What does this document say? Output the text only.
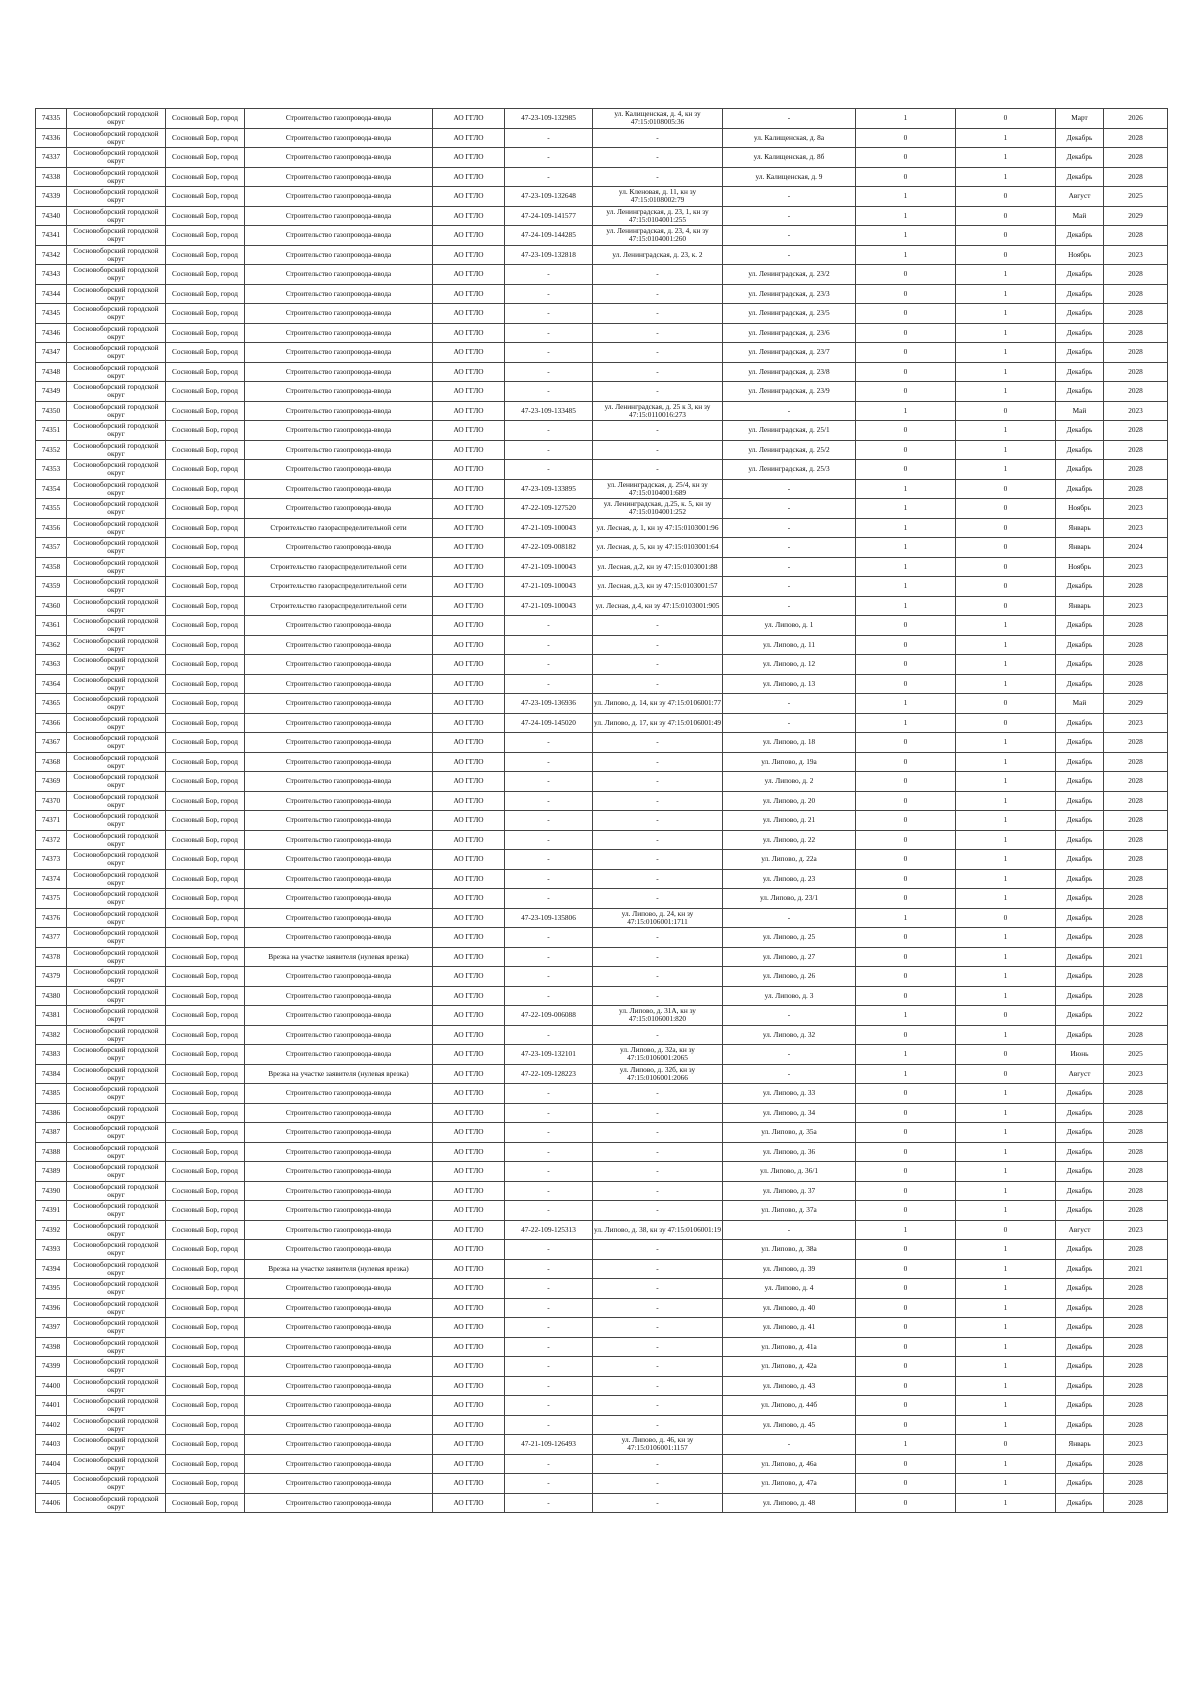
74335	Сосновоборский городской округ	Сосновый Бор, город	Строительство газопровода-ввода	АО ГГЛО	47-23-109-132985	ул. Калищенская, д. 4, кн зу 47:15:0108005:36	-	1	0	Март	2026
74336	Сосновоборский городской округ	Сосновый Бор, город	Строительство газопровода-ввода	АО ГГЛО	-	-	ул. Калищенская, д. 8а	0	1	Декабрь	2028
74337	Сосновоборский городской округ	Сосновый Бор, город	Строительство газопровода-ввода	АО ГГЛО	-	-	ул. Калищенская, д. 8б	0	1	Декабрь	2028
74338	Сосновоборский городской округ	Сосновый Бор, город	Строительство газопровода-ввода	АО ГГЛО	-	-	ул. Калищенская, д. 9	0	1	Декабрь	2028
74339	Сосновоборский городской округ	Сосновый Бор, город	Строительство газопровода-ввода	АО ГГЛО	47-23-109-132648	ул. Кленовая, д. 11, кн зу 47:15:0108002:79	-	1	0	Август	2025
74340	Сосновоборский городской округ	Сосновый Бор, город	Строительство газопровода-ввода	АО ГГЛО	47-24-109-141577	ул. Ленинградская, д. 23, 1, кн зу 47:15:0104001:255	-	1	0	Май	2029
74341	Сосновоборский городской округ	Сосновый Бор, город	Строительство газопровода-ввода	АО ГГЛО	47-24-109-144285	ул. Ленинградская, д. 23, 4, кн зу 47:15:0104001:260	-	1	0	Декабрь	2028
74342	Сосновоборский городской округ	Сосновый Бор, город	Строительство газопровода-ввода	АО ГГЛО	47-23-109-132818	ул. Ленинградская, д. 23, к. 2	-	1	0	Ноябрь	2023
74343	Сосновоборский городской округ	Сосновый Бор, город	Строительство газопровода-ввода	АО ГГЛО	-	-	ул. Ленинградская, д. 23/2	0	1	Декабрь	2028
74344	Сосновоборский городской округ	Сосновый Бор, город	Строительство газопровода-ввода	АО ГГЛО	-	-	ул. Ленинградская, д. 23/3	0	1	Декабрь	2028
74345	Сосновоборский городской округ	Сосновый Бор, город	Строительство газопровода-ввода	АО ГГЛО	-	-	ул. Ленинградская, д. 23/5	0	1	Декабрь	2028
74346	Сосновоборский городской округ	Сосновый Бор, город	Строительство газопровода-ввода	АО ГГЛО	-	-	ул. Ленинградская, д. 23/6	0	1	Декабрь	2028
74347	Сосновоборский городской округ	Сосновый Бор, город	Строительство газопровода-ввода	АО ГГЛО	-	-	ул. Ленинградская, д. 23/7	0	1	Декабрь	2028
74348	Сосновоборский городской округ	Сосновый Бор, город	Строительство газопровода-ввода	АО ГГЛО	-	-	ул. Ленинградская, д. 23/8	0	1	Декабрь	2028
74349	Сосновоборский городской округ	Сосновый Бор, город	Строительство газопровода-ввода	АО ГГЛО	-	-	ул. Ленинградская, д. 23/9	0	1	Декабрь	2028
74350	Сосновоборский городской округ	Сосновый Бор, город	Строительство газопровода-ввода	АО ГГЛО	47-23-109-133485	ул. Ленинградская, д. 25 к 3, кн зу 47:15:0110016:273	-	1	0	Май	2023
74351	Сосновоборский городской округ	Сосновый Бор, город	Строительство газопровода-ввода	АО ГГЛО	-	-	ул. Ленинградская, д. 25/1	0	1	Декабрь	2028
74352	Сосновоборский городской округ	Сосновый Бор, город	Строительство газопровода-ввода	АО ГГЛО	-	-	ул. Ленинградская, д. 25/2	0	1	Декабрь	2028
74353	Сосновоборский городской округ	Сосновый Бор, город	Строительство газопровода-ввода	АО ГГЛО	-	-	ул. Ленинградская, д. 25/3	0	1	Декабрь	2028
74354	Сосновоборский городской округ	Сосновый Бор, город	Строительство газопровода-ввода	АО ГГЛО	47-23-109-133895	ул. Ленинградская, д. 25/4, кн зу 47:15:0104001:689	-	1	0	Декабрь	2028
74355	Сосновоборский городской округ	Сосновый Бор, город	Строительство газопровода-ввода	АО ГГЛО	47-22-109-127520	ул. Ленинградская, д.25, к. 5, кн зу 47:15:0104001:252	-	1	0	Ноябрь	2023
74356	Сосновоборский городской округ	Сосновый Бор, город	Строительство газораспределительной сети	АО ГГЛО	47-21-109-100043	ул. Лесная, д. 1, кн зу 47:15:0103001:96	-	1	0	Январь	2023
74357	Сосновоборский городской округ	Сосновый Бор, город	Строительство газопровода-ввода	АО ГГЛО	47-22-109-008182	ул. Лесная, д. 5, кн зу 47:15:0103001:64	-	1	0	Январь	2024
74358	Сосновоборский городской округ	Сосновый Бор, город	Строительство газораспределительной сети	АО ГГЛО	47-21-109-100043	ул. Лесная, д.2, кн зу 47:15:0103001:88	-	1	0	Ноябрь	2023
74359	Сосновоборский городской округ	Сосновый Бор, город	Строительство газораспределительной сети	АО ГГЛО	47-21-109-100043	ул. Лесная, д.3, кн зу 47:15:0103001:57	-	1	0	Декабрь	2028
74360	Сосновоборский городской округ	Сосновый Бор, город	Строительство газораспределительной сети	АО ГГЛО	47-21-109-100043	ул. Лесная, д.4, кн зу 47:15:0103001:905	-	1	0	Январь	2023
74361	Сосновоборский городской округ	Сосновый Бор, город	Строительство газопровода-ввода	АО ГГЛО	-	-	ул. Липово, д. 1	0	1	Декабрь	2028
74362	Сосновоборский городской округ	Сосновый Бор, город	Строительство газопровода-ввода	АО ГГЛО	-	-	ул. Липово, д. 11	0	1	Декабрь	2028
74363	Сосновоборский городской округ	Сосновый Бор, город	Строительство газопровода-ввода	АО ГГЛО	-	-	ул. Липово, д. 12	0	1	Декабрь	2028
74364	Сосновоборский городской округ	Сосновый Бор, город	Строительство газопровода-ввода	АО ГГЛО	-	-	ул. Липово, д. 13	0	1	Декабрь	2028
74365	Сосновоборский городской округ	Сосновый Бор, город	Строительство газопровода-ввода	АО ГГЛО	47-23-109-136936	ул. Липово, д. 14, кн зу 47:15:0106001:77	-	1	0	Май	2029
74366	Сосновоборский городской округ	Сосновый Бор, город	Строительство газопровода-ввода	АО ГГЛО	47-24-109-145020	ул. Липово, д. 17, кн зу 47:15:0106001:49	-	1	0	Декабрь	2023
74367	Сосновоборский городской округ	Сосновый Бор, город	Строительство газопровода-ввода	АО ГГЛО	-	-	ул. Липово, д. 18	0	1	Декабрь	2028
74368	Сосновоборский городской округ	Сосновый Бор, город	Строительство газопровода-ввода	АО ГГЛО	-	-	ул. Липово, д. 19а	0	1	Декабрь	2028
74369	Сосновоборский городской округ	Сосновый Бор, город	Строительство газопровода-ввода	АО ГГЛО	-	-	ул. Липово, д. 2	0	1	Декабрь	2028
74370	Сосновоборский городской округ	Сосновый Бор, город	Строительство газопровода-ввода	АО ГГЛО	-	-	ул. Липово, д. 20	0	1	Декабрь	2028
74371	Сосновоборский городской округ	Сосновый Бор, город	Строительство газопровода-ввода	АО ГГЛО	-	-	ул. Липово, д. 21	0	1	Декабрь	2028
74372	Сосновоборский городской округ	Сосновый Бор, город	Строительство газопровода-ввода	АО ГГЛО	-	-	ул. Липово, д. 22	0	1	Декабрь	2028
74373	Сосновоборский городской округ	Сосновый Бор, город	Строительство газопровода-ввода	АО ГГЛО	-	-	ул. Липово, д. 22а	0	1	Декабрь	2028
74374	Сосновоборский городской округ	Сосновый Бор, город	Строительство газопровода-ввода	АО ГГЛО	-	-	ул. Липово, д. 23	0	1	Декабрь	2028
74375	Сосновоборский городской округ	Сосновый Бор, город	Строительство газопровода-ввода	АО ГГЛО	-	-	ул. Липово, д. 23/1	0	1	Декабрь	2028
74376	Сосновоборский городской округ	Сосновый Бор, город	Строительство газопровода-ввода	АО ГГЛО	47-23-109-135806	ул. Липово, д. 24, кн зу 47:15:0106001:1711	-	1	0	Декабрь	2028
74377	Сосновоборский городской округ	Сосновый Бор, город	Строительство газопровода-ввода	АО ГГЛО	-	-	ул. Липово, д. 25	0	1	Декабрь	2028
74378	Сосновоборский городской округ	Сосновый Бор, город	Врезка на участке заявителя (нулевая врезка)	АО ГГЛО	-	-	ул. Липово, д. 27	0	1	Декабрь	2021
74379	Сосновоборский городской округ	Сосновый Бор, город	Строительство газопровода-ввода	АО ГГЛО	-	-	ул. Липово, д. 26	0	1	Декабрь	2028
74380	Сосновоборский городской округ	Сосновый Бор, город	Строительство газопровода-ввода	АО ГГЛО	-	-	ул. Липово, д. 3	0	1	Декабрь	2028
74381	Сосновоборский городской округ	Сосновый Бор, город	Строительство газопровода-ввода	АО ГГЛО	47-22-109-006088	ул. Липово, д. 31А, кн зу 47:15:0106001:820	-	1	0	Декабрь	2022
74382	Сосновоборский городской округ	Сосновый Бор, город	Строительство газопровода-ввода	АО ГГЛО	-	-	ул. Липово, д. 32	0	1	Декабрь	2028
74383	Сосновоборский городской округ	Сосновый Бор, город	Строительство газопровода-ввода	АО ГГЛО	47-23-109-132101	ул. Липово, д. 32а, кн зу 47:15:0106001:2065	-	1	0	Июнь	2025
74384	Сосновоборский городской округ	Сосновый Бор, город	Врезка на участке заявителя (нулевая врезка)	АО ГГЛО	47-22-109-128223	ул. Липово, д. 32б, кн зу 47:15:0106001:2066	-	1	0	Август	2023
74385	Сосновоборский городской округ	Сосновый Бор, город	Строительство газопровода-ввода	АО ГГЛО	-	-	ул. Липово, д. 33	0	1	Декабрь	2028
74386	Сосновоборский городской округ	Сосновый Бор, город	Строительство газопровода-ввода	АО ГГЛО	-	-	ул. Липово, д. 34	0	1	Декабрь	2028
74387	Сосновоборский городской округ	Сосновый Бор, город	Строительство газопровода-ввода	АО ГГЛО	-	-	ул. Липово, д. 35а	0	1	Декабрь	2028
74388	Сосновоборский городской округ	Сосновый Бор, город	Строительство газопровода-ввода	АО ГГЛО	-	-	ул. Липово, д. 36	0	1	Декабрь	2028
74389	Сосновоборский городской округ	Сосновый Бор, город	Строительство газопровода-ввода	АО ГГЛО	-	-	ул. Липово, д. 36/1	0	1	Декабрь	2028
74390	Сосновоборский городской округ	Сосновый Бор, город	Строительство газопровода-ввода	АО ГГЛО	-	-	ул. Липово, д. 37	0	1	Декабрь	2028
74391	Сосновоборский городской округ	Сосновый Бор, город	Строительство газопровода-ввода	АО ГГЛО	-	-	ул. Липово, д. 37а	0	1	Декабрь	2028
74392	Сосновоборский городской округ	Сосновый Бор, город	Строительство газопровода-ввода	АО ГГЛО	47-22-109-125313	ул. Липово, д. 38, кн зу 47:15:0106001:19	-	1	0	Август	2023
74393	Сосновоборский городской округ	Сосновый Бор, город	Строительство газопровода-ввода	АО ГГЛО	-	-	ул. Липово, д. 38а	0	1	Декабрь	2028
74394	Сосновоборский городской округ	Сосновый Бор, город	Врезка на участке заявителя (нулевая врезка)	АО ГГЛО	-	-	ул. Липово, д. 39	0	1	Декабрь	2021
74395	Сосновоборский городской округ	Сосновый Бор, город	Строительство газопровода-ввода	АО ГГЛО	-	-	ул. Липово, д. 4	0	1	Декабрь	2028
74396	Сосновоборский городской округ	Сосновый Бор, город	Строительство газопровода-ввода	АО ГГЛО	-	-	ул. Липово, д. 40	0	1	Декабрь	2028
74397	Сосновоборский городской округ	Сосновый Бор, город	Строительство газопровода-ввода	АО ГГЛО	-	-	ул. Липово, д. 41	0	1	Декабрь	2028
74398	Сосновоборский городской округ	Сосновый Бор, город	Строительство газопровода-ввода	АО ГГЛО	-	-	ул. Липово, д. 41а	0	1	Декабрь	2028
74399	Сосновоборский городской округ	Сосновый Бор, город	Строительство газопровода-ввода	АО ГГЛО	-	-	ул. Липово, д. 42а	0	1	Декабрь	2028
74400	Сосновоборский городской округ	Сосновый Бор, город	Строительство газопровода-ввода	АО ГГЛО	-	-	ул. Липово, д. 43	0	1	Декабрь	2028
74401	Сосновоборский городской округ	Сосновый Бор, город	Строительство газопровода-ввода	АО ГГЛО	-	-	ул. Липово, д. 44б	0	1	Декабрь	2028
74402	Сосновоборский городской округ	Сосновый Бор, город	Строительство газопровода-ввода	АО ГГЛО	-	-	ул. Липово, д. 45	0	1	Декабрь	2028
74403	Сосновоборский городской округ	Сосновый Бор, город	Строительство газопровода-ввода	АО ГГЛО	47-21-109-126493	ул. Липово, д. 46, кн зу 47:15:0106001:1157	-	1	0	Январь	2023
74404	Сосновоборский городской округ	Сосновый Бор, город	Строительство газопровода-ввода	АО ГГЛО	-	-	ул. Липово, д. 46а	0	1	Декабрь	2028
74405	Сосновоборский городской округ	Сосновый Бор, город	Строительство газопровода-ввода	АО ГГЛО	-	-	ул. Липово, д. 47а	0	1	Декабрь	2028
74406	Сосновоборский городской округ	Сосновый Бор, город	Строительство газопровода-ввода	АО ГГЛО	-	-	ул. Липово, д. 48	0	1	Декабрь	2028
